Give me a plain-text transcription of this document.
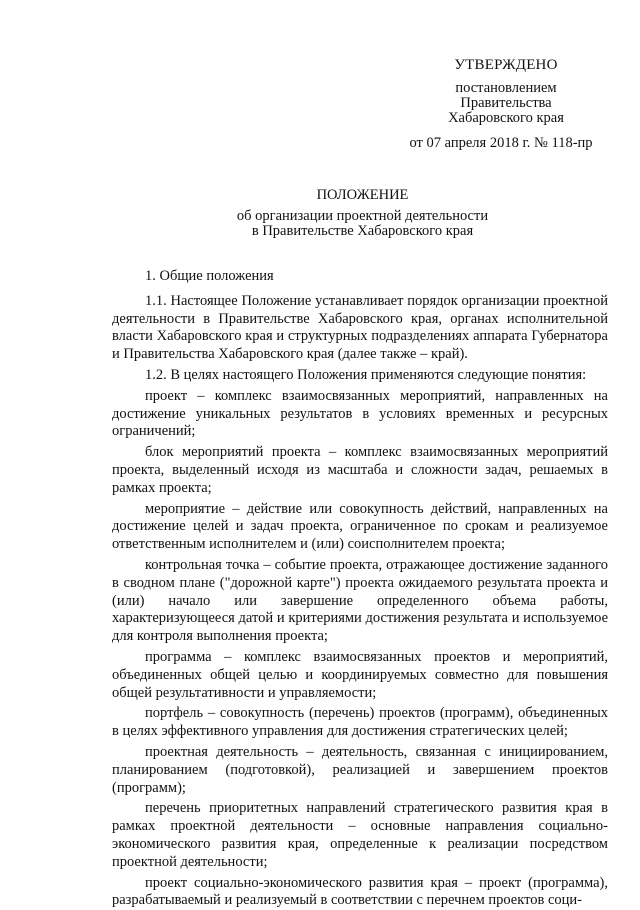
УТВЕРЖДЕНО
постановлением
Правительства
Хабаровского края
от 07 апреля 2018 г. № 118-пр
ПОЛОЖЕНИЕ
об организации проектной деятельности
в Правительстве Хабаровского края

1. Общие положения

1.1. Настоящее Положение устанавливает порядок организации проектной деятельности в Правительстве Хабаровского края, органах исполнительной власти Хабаровского края и структурных подразделениях аппарата Губернатора и Правительства Хабаровского края (далее также – край).

1.2. В целях настоящего Положения применяются следующие понятия:

проект – комплекс взаимосвязанных мероприятий, направленных на достижение уникальных результатов в условиях временных и ресурсных ограничений;

блок мероприятий проекта – комплекс взаимосвязанных мероприятий проекта, выделенный исходя из масштаба и сложности задач, решаемых в рамках проекта;

мероприятие – действие или совокупность действий, направленных на достижение целей и задач проекта, ограниченное по срокам и реализуемое ответственным исполнителем и (или) соисполнителем проекта;

контрольная точка – событие проекта, отражающее достижение заданного в сводном плане ("дорожной карте") проекта ожидаемого результата проекта и (или) начало или завершение определенного объема работы, характеризующееся датой и критериями достижения результата и используемое для контроля выполнения проекта;

программа – комплекс взаимосвязанных проектов и мероприятий, объединенных общей целью и координируемых совместно для повышения общей результативности и управляемости;

портфель – совокупность (перечень) проектов (программ), объединенных в целях эффективного управления для достижения стратегических целей;

проектная деятельность – деятельность, связанная с инициированием, планированием (подготовкой), реализацией и завершением проектов (программ);

перечень приоритетных направлений стратегического развития края в рамках проектной деятельности – основные направления социально-экономического развития края, определенные к реализации посредством проектной деятельности;

проект социально-экономического развития края – проект (программа), разрабатываемый и реализуемый в соответствии с перечнем проектов соци-
